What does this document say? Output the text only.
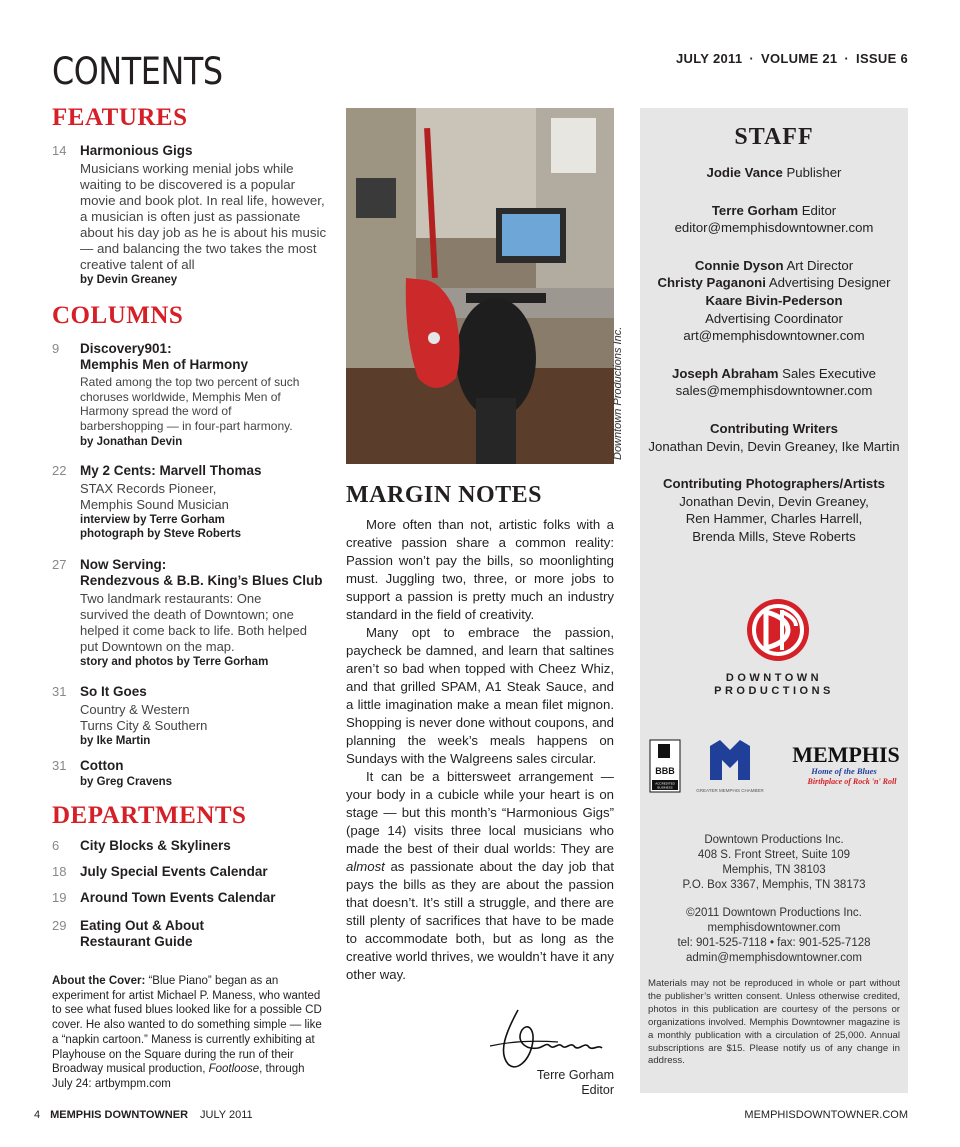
CONTENTS	JULY 2011 · VOLUME 21 · ISSUE 6
FEATURES
14	Harmonious Gigs
Musicians working menial jobs while waiting to be discovered is a popular movie and book plot. In real life, however, a musician is often just as passionate about his day job as he is about his music — and balancing the two takes the most creative talent of all
by Devin Greaney
COLUMNS
9	Discovery901:
Memphis Men of Harmony
Rated among the top two percent of such choruses worldwide, Memphis Men of Harmony spread the word of barbershopping — in four-part harmony.
by Jonathan Devin
22	My 2 Cents: Marvell Thomas
STAX Records Pioneer,
Memphis Sound Musician
interview by Terre Gorham
photograph by Steve Roberts
27	Now Serving:
Rendezvous & B.B. King’s Blues Club
Two landmark restaurants: One survived the death of Downtown; one helped it come back to life. Both helped put Downtown on the map.
story and photos by Terre Gorham
31	So It Goes
Country & Western
Turns City & Southern
by Ike Martin
31	Cotton
by Greg Cravens
DEPARTMENTS
6	City Blocks & Skyliners
18	July Special Events Calendar
19	Around Town Events Calendar
29	Eating Out & About
Restaurant Guide
About the Cover: “Blue Piano” began as an experiment for artist Michael P. Maness, who wanted to see what fused blues looked like for a possible CD cover. He also wanted to do something simple — like a “napkin cartoon.” Maness is currently exhibiting at Playhouse on the Square during the run of their Broadway musical production, Footloose, through July 24: artbympm.com
Downtown Productions Inc.
MARGIN NOTES

More often than not, artistic folks with a creative passion share a common reality: Passion won’t pay the bills, so moonlighting must. Juggling two, three, or more jobs to support a passion is pretty much an industry standard in the field of creativity.

Many opt to embrace the passion, paycheck be damned, and learn that saltines aren’t so bad when topped with Cheez Whiz, and that grilled SPAM, A1 Steak Sauce, and a little imagination make a mean filet mignon. Shopping is never done without coupons, and planning the week’s meals happens on Sundays with the Walgreens sales circular.

It can be a bittersweet arrangement — your body in a cubicle while your heart is on stage — but this month’s “Harmonious Gigs” (page 14) visits three local musicians who made the best of their dual worlds: They are almost as passionate about the day job that pays the bills as they are about the passion that doesn’t. It’s still a struggle, and there are still plenty of sacrifices that have to be made to accommodate both, but as long as the creative world thrives, we wouldn’t have it any other way.

Terre Gorham
Editor
STAFF
Jodie Vance Publisher
Terre Gorham Editor
editor@memphisdowntowner.com
Connie Dyson Art Director
Christy Paganoni Advertising Designer
Kaare Bivin-Pederson
Advertising Coordinator
art@memphisdowntowner.com
Joseph Abraham Sales Executive
sales@memphisdowntowner.com
Contributing Writers
Jonathan Devin, Devin Greaney, Ike Martin
Contributing Photographers/Artists
Jonathan Devin, Devin Greaney,
Ren Hammer, Charles Harrell,
Brenda Mills, Steve Roberts
DOWNTOWN
PRODUCTIONS
BBB
ACCREDITED
BUSINESS
GREATER MEMPHIS CHAMBER
MEMPHIS
Home of the Blues
Birthplace of Rock 'n' Roll
Downtown Productions Inc.
408 S. Front Street, Suite 109
Memphis, TN 38103
P.O. Box 3367, Memphis, TN 38173
©2011 Downtown Productions Inc.
memphisdowntowner.com
tel: 901-525-7118 • fax: 901-525-7128
admin@memphisdowntowner.com
Materials may not be reproduced in whole or part without the publisher’s written consent. Unless otherwise credited, photos in this publication are courtesy of the persons or organizations involved. Memphis Downtowner magazine is a monthly publication with a circulation of 25,000. Annual subscriptions are $15. Please notify us of any change in address.
4 MEMPHIS DOWNTOWNER JULY 2011	MEMPHISDOWNTOWNER.COM
